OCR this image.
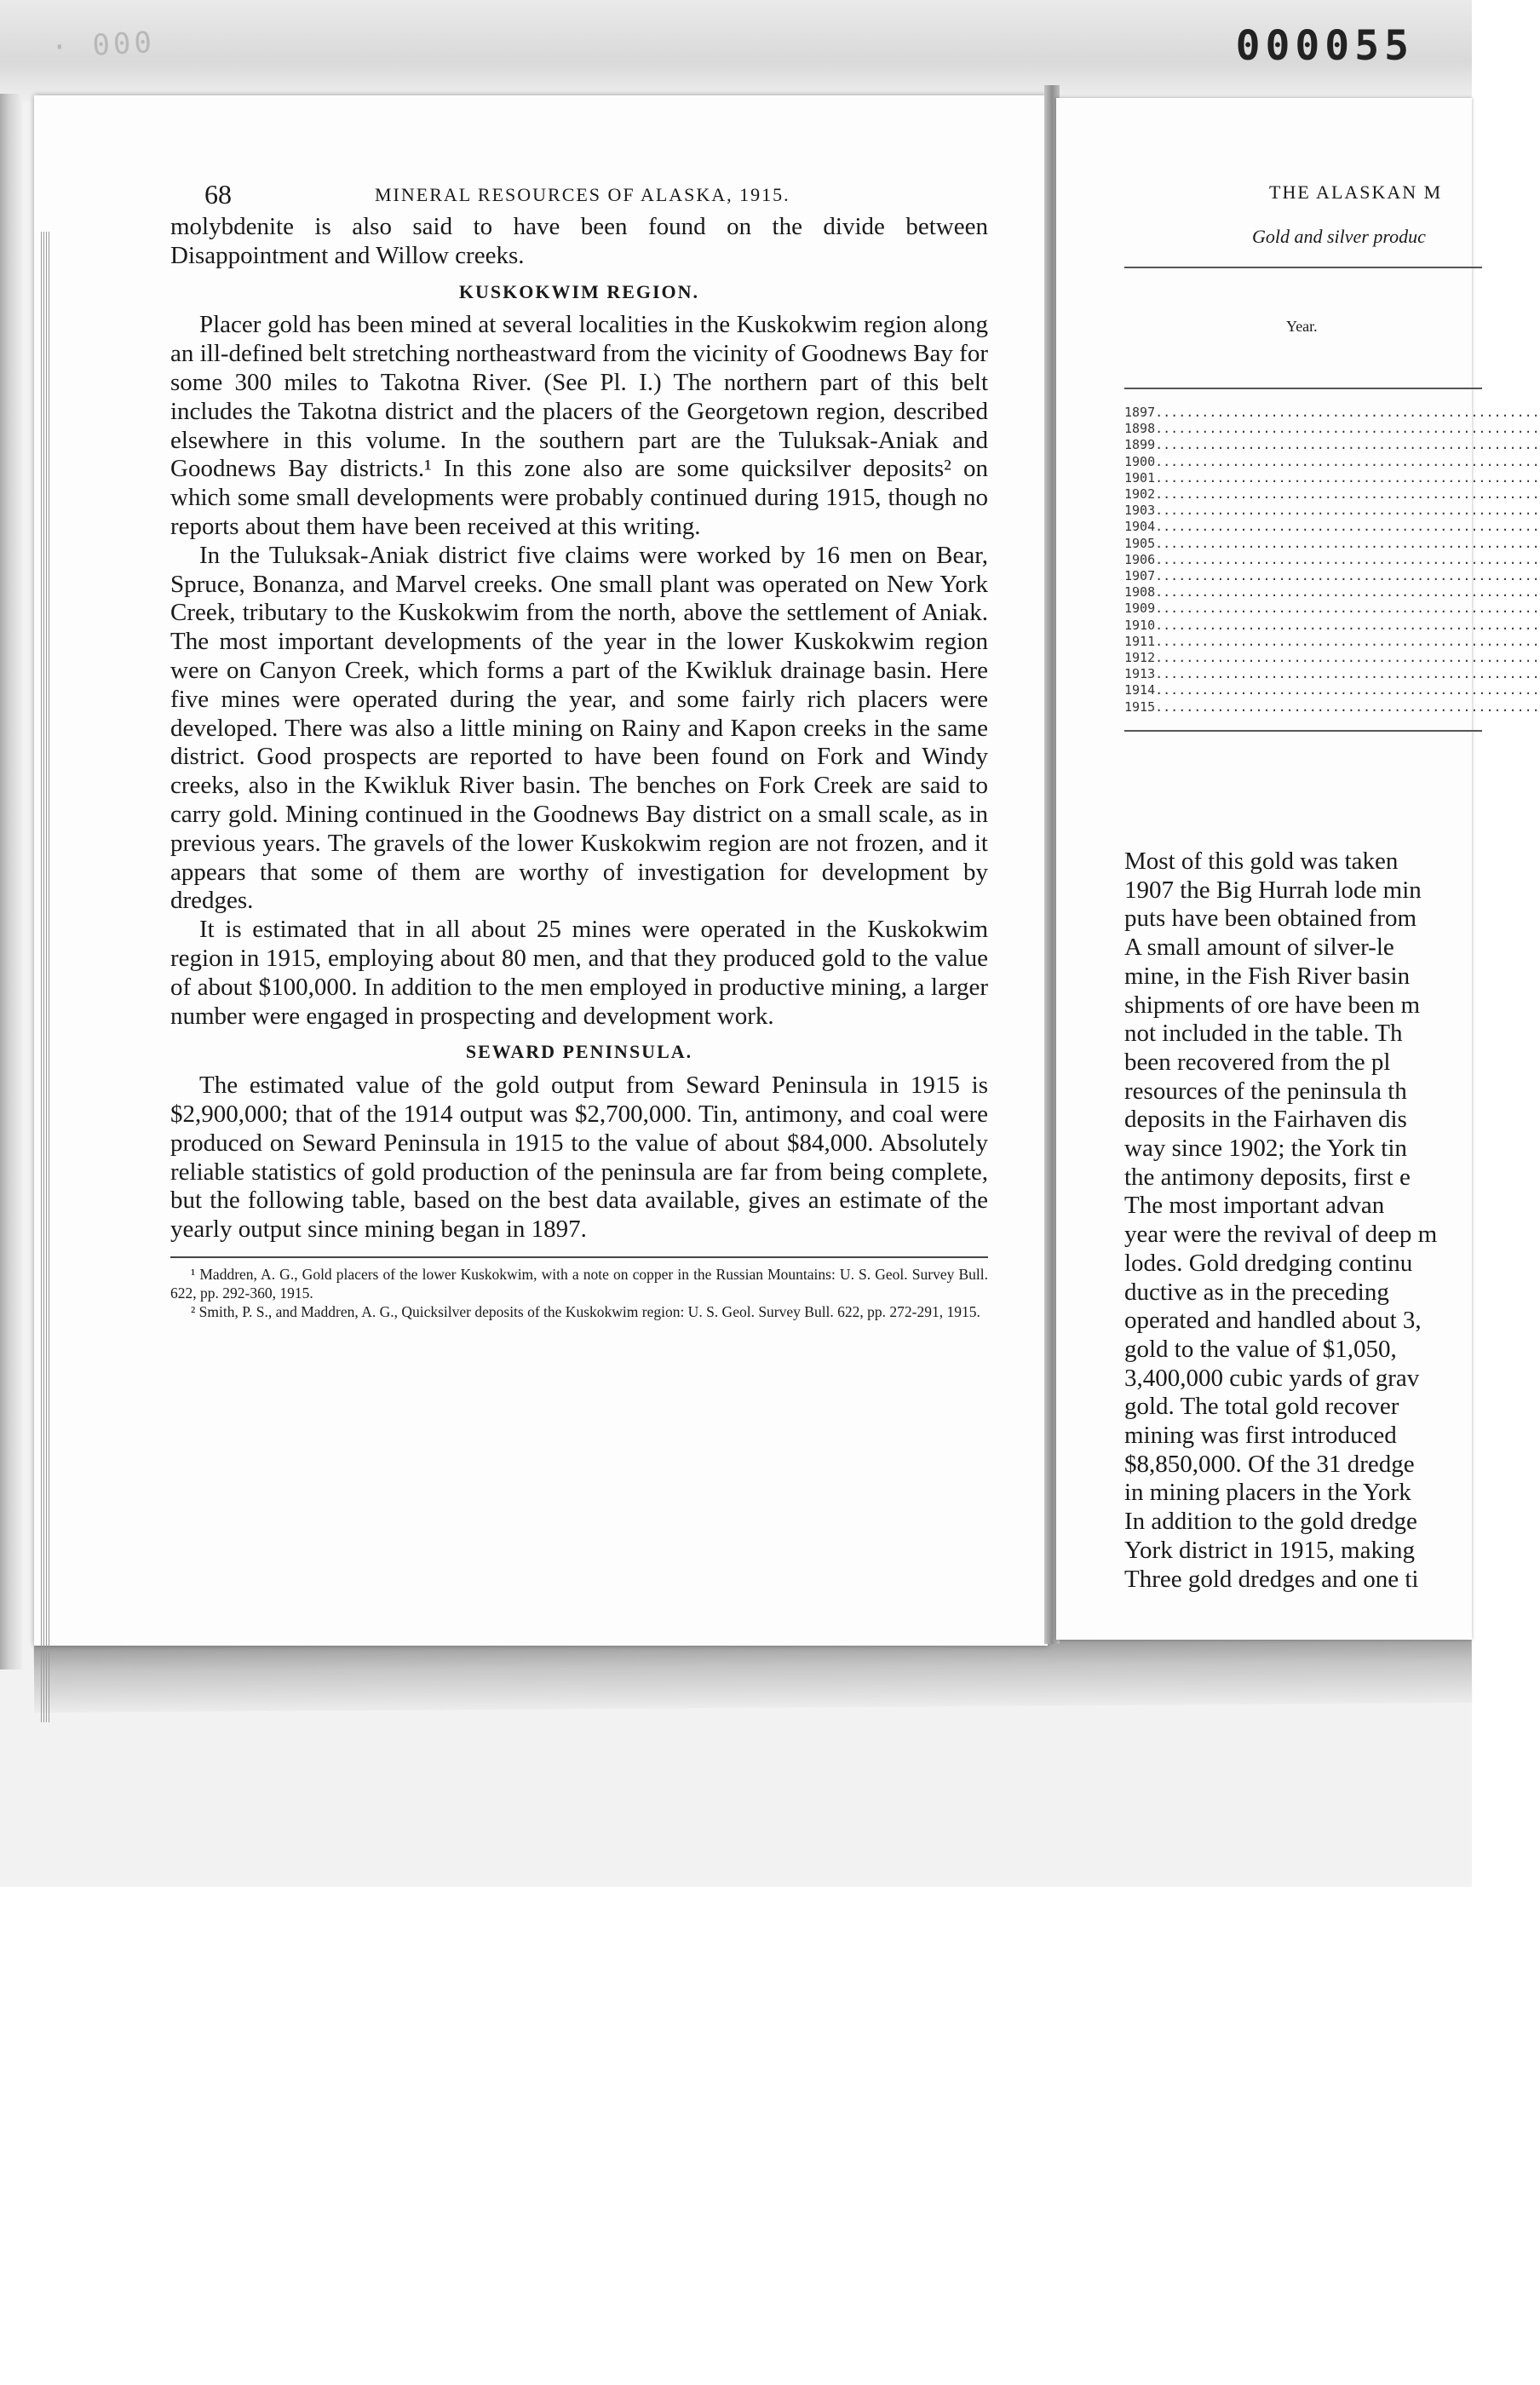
· 000	000055
68	MINERAL RESOURCES OF ALASKA, 1915.

molybdenite is also said to have been found on the divide between Disappointment and Willow creeks.

KUSKOKWIM REGION.

Placer gold has been mined at several localities in the Kuskokwim region along an ill-defined belt stretching northeastward from the vicinity of Goodnews Bay for some 300 miles to Takotna River. (See Pl. I.) The northern part of this belt includes the Takotna district and the placers of the Georgetown region, described elsewhere in this volume. In the southern part are the Tuluksak-Aniak and Goodnews Bay districts.¹ In this zone also are some quicksilver deposits² on which some small developments were probably continued during 1915, though no reports about them have been received at this writing.

In the Tuluksak-Aniak district five claims were worked by 16 men on Bear, Spruce, Bonanza, and Marvel creeks. One small plant was operated on New York Creek, tributary to the Kuskokwim from the north, above the settlement of Aniak. The most important developments of the year in the lower Kuskokwim region were on Canyon Creek, which forms a part of the Kwikluk drainage basin. Here five mines were operated during the year, and some fairly rich placers were developed. There was also a little mining on Rainy and Kapon creeks in the same district. Good prospects are reported to have been found on Fork and Windy creeks, also in the Kwikluk River basin. The benches on Fork Creek are said to carry gold. Mining continued in the Goodnews Bay district on a small scale, as in previous years. The gravels of the lower Kuskokwim region are not frozen, and it appears that some of them are worthy of investigation for development by dredges.

It is estimated that in all about 25 mines were operated in the Kuskokwim region in 1915, employing about 80 men, and that they produced gold to the value of about $100,000. In addition to the men employed in productive mining, a larger number were engaged in prospecting and development work.

SEWARD PENINSULA.

The estimated value of the gold output from Seward Peninsula in 1915 is $2,900,000; that of the 1914 output was $2,700,000. Tin, antimony, and coal were produced on Seward Peninsula in 1915 to the value of about $84,000. Absolutely reliable statistics of gold production of the peninsula are far from being complete, but the following table, based on the best data available, gives an estimate of the yearly output since mining began in 1897.

¹ Maddren, A. G., Gold placers of the lower Kuskokwim, with a note on copper in the Russian Mountains: U. S. Geol. Survey Bull. 622, pp. 292-360, 1915.

² Smith, P. S., and Maddren, A. G., Quicksilver deposits of the Kuskokwim region: U. S. Geol. Survey Bull. 622, pp. 272-291, 1915.

THE ALASKAN M
Gold and silver produc
Year.
1897..................................................
1898..................................................
1899..................................................
1900..................................................
1901..................................................
1902..................................................
1903..................................................
1904..................................................
1905..................................................
1906..................................................
1907..................................................
1908..................................................
1909..................................................
1910..................................................
1911..................................................
1912..................................................
1913..................................................
1914..................................................
1915..................................................

Most of this gold was taken

1907 the Big Hurrah lode min

puts have been obtained from

A small amount of silver-le

mine, in the Fish River basin

shipments of ore have been m

not included in the table. Th

been recovered from the pl

resources of the peninsula th

deposits in the Fairhaven dis

way since 1902; the York tin

the antimony deposits, first e

The most important advan

year were the revival of deep m

lodes. Gold dredging continu

ductive as in the preceding

operated and handled about 3,

gold to the value of $1,050,

3,400,000 cubic yards of grav

gold. The total gold recover

mining was first introduced

$8,850,000. Of the 31 dredge

in mining placers in the York

In addition to the gold dredge

York district in 1915, making

Three gold dredges and one ti
